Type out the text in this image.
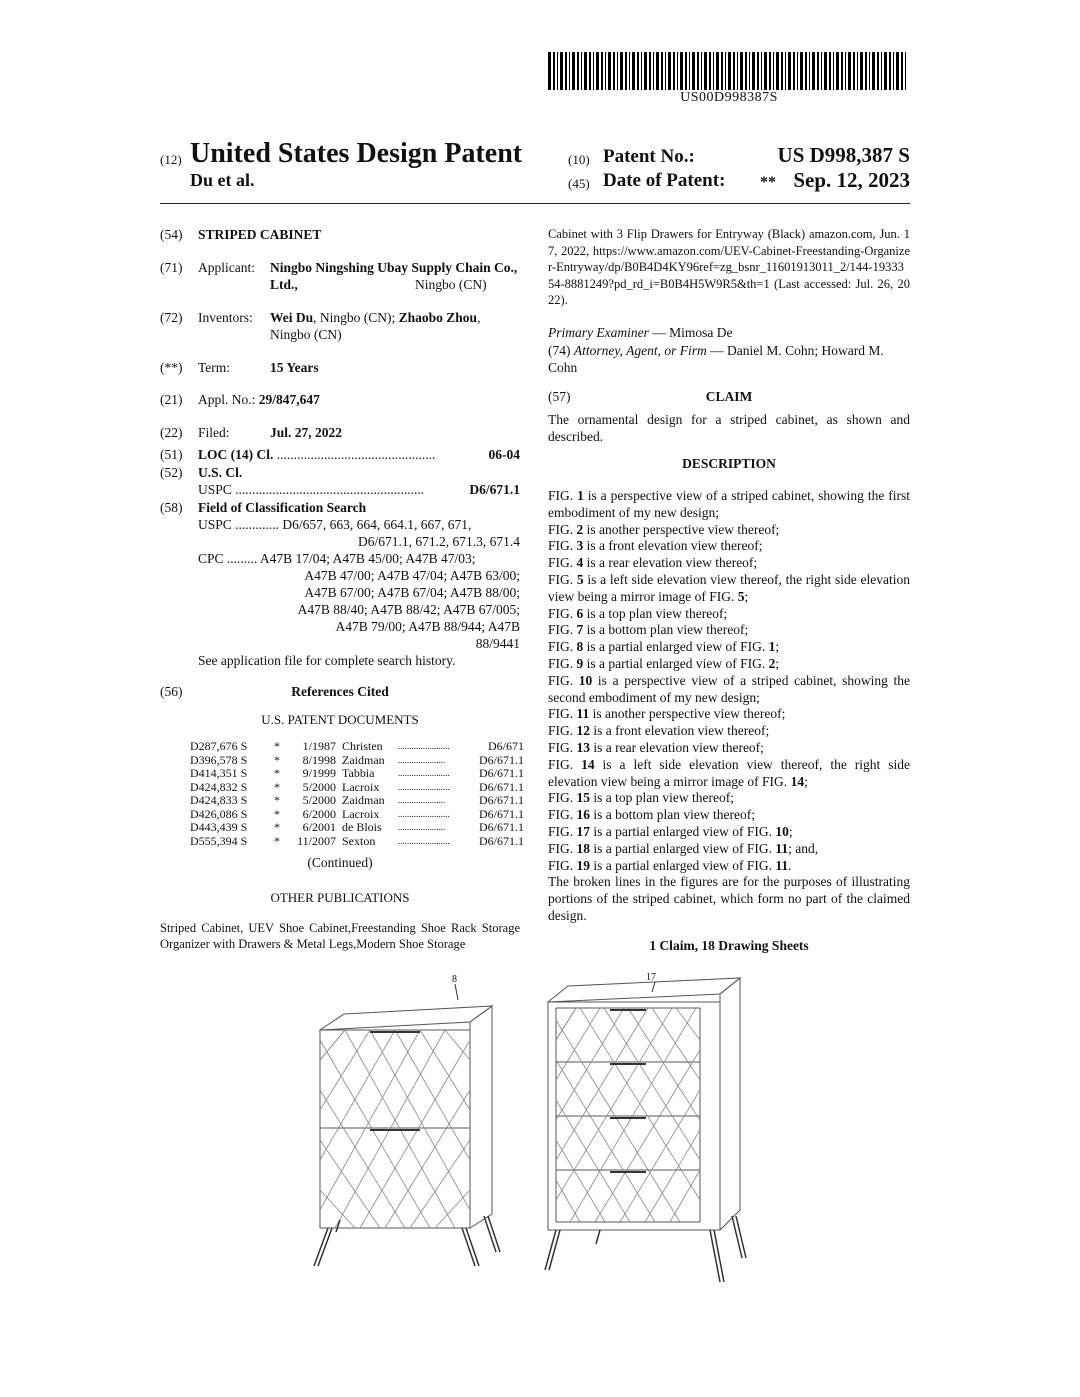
US00D998387S
(12) United States Design Patent
Du et al.
(10) Patent No.:	US D998,387 S
(45) Date of Patent: ** Sep. 12, 2023
(54) STRIPED CABINET
(71) Applicant: Ningbo Ningshing Ubay Supply Chain Co., Ltd.,	Ningbo (CN)
(72) Inventors: Wei Du, Ningbo (CN); Zhaobo Zhou, Ningbo (CN)
(**) Term:	15 Years
(21) Appl. No.: 29/847,647
(22) Filed:	Jul. 27, 2022
(51) LOC (14) Cl. ...............................................	06-04
(52) U.S. Cl.
USPC ........................................................	D6/671.1
(58) Field of Classification Search
USPC ............. D6/657, 663, 664, 664.1, 667, 671,
D6/671.1, 671.2, 671.3, 671.4
CPC ......... A47B 17/04; A47B 45/00; A47B 47/03;
A47B 47/00; A47B 47/04; A47B 63/00;
A47B 67/00; A47B 67/04; A47B 88/00;
A47B 88/40; A47B 88/42; A47B 67/005;
A47B 79/00; A47B 88/944; A47B
88/9441
See application file for complete search history.
(56)	References Cited
U.S. PATENT DOCUMENTS
D287,676 S	*	1/1987	Christen	.......................	D6/671
D396,578 S	*	8/1998	Zaidman	.....................	D6/671.1
D414,351 S	*	9/1999	Tabbia	.......................	D6/671.1
D424,832 S	*	5/2000	Lacroix	.......................	D6/671.1
D424,833 S	*	5/2000	Zaidman	.....................	D6/671.1
D426,086 S	*	6/2000	Lacroix	.......................	D6/671.1
D443,439 S	*	6/2001	de Blois	.....................	D6/671.1
D555,394 S	*	11/2007	Sexton	.......................	D6/671.1
(Continued)
OTHER PUBLICATIONS
Striped Cabinet, UEV Shoe Cabinet,Freestanding Shoe Rack Storage Organizer with Drawers & Metal Legs,Modern Shoe Storage
Cabinet with 3 Flip Drawers for Entryway (Black) amazon.com, Jun. 17, 2022, https://www.amazon.com/UEV-Cabinet-Freestanding-Organizer-Entryway/dp/B0B4D4KY96ref=zg_bsnr_11601913011_2/144-1933354-8881249?pd_rd_i=B0B4H5W9R5&th=1 (Last accessed: Jul. 26, 2022).
Primary Examiner — Mimosa De
(74) Attorney, Agent, or Firm — Daniel M. Cohn; Howard M. Cohn
(57)	CLAIM
The ornamental design for a striped cabinet, as shown and described.
DESCRIPTION
FIG. 1 is a perspective view of a striped cabinet, showing the first embodiment of my new design;
FIG. 2 is another perspective view thereof;
FIG. 3 is a front elevation view thereof;
FIG. 4 is a rear elevation view thereof;
FIG. 5 is a left side elevation view thereof, the right side elevation view being a mirror image of FIG. 5;
FIG. 6 is a top plan view thereof;
FIG. 7 is a bottom plan view thereof;
FIG. 8 is a partial enlarged view of FIG. 1;
FIG. 9 is a partial enlarged view of FIG. 2;
FIG. 10 is a perspective view of a striped cabinet, showing the second embodiment of my new design;
FIG. 11 is another perspective view thereof;
FIG. 12 is a front elevation view thereof;
FIG. 13 is a rear elevation view thereof;
FIG. 14 is a left side elevation view thereof, the right side elevation view being a mirror image of FIG. 14;
FIG. 15 is a top plan view thereof;
FIG. 16 is a bottom plan view thereof;
FIG. 17 is a partial enlarged view of FIG. 10;
FIG. 18 is a partial enlarged view of FIG. 11; and,
FIG. 19 is a partial enlarged view of FIG. 11.
The broken lines in the figures are for the purposes of illustrating portions of the striped cabinet, which form no part of the claimed design.
1 Claim, 18 Drawing Sheets
8	17
